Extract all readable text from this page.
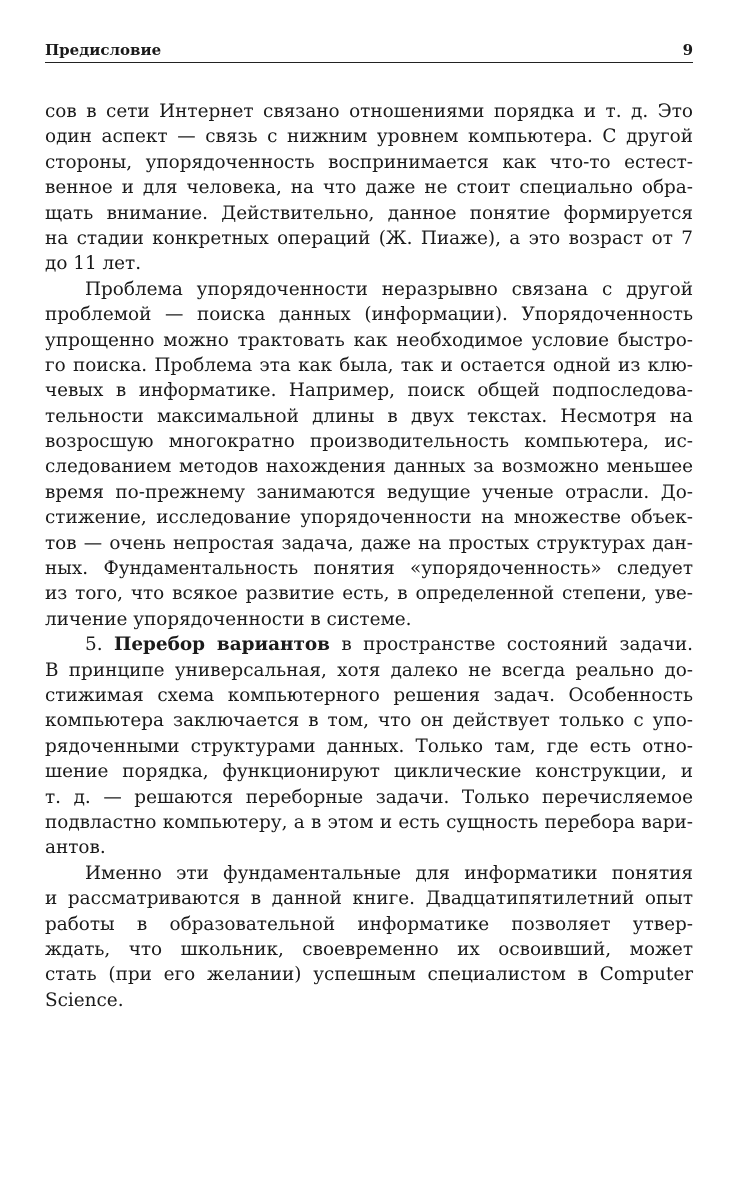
Предисловие	9
сов в сети Интернет связано отношениями порядка и т. д. Это
один аспект — связь с нижним уровнем компьютера. С другой
стороны, упорядоченность воспринимается как что-то естест-
венное и для человека, на что даже не стоит специально обра-
щать внимание. Действительно, данное понятие формируется
на стадии конкретных операций (Ж. Пиаже), а это возраст от 7
до 11 лет.
Проблема упорядоченности неразрывно связана с другой
проблемой — поиска данных (информации). Упорядоченность
упрощенно можно трактовать как необходимое условие быстро-
го поиска. Проблема эта как была, так и остается одной из клю-
чевых в информатике. Например, поиск общей подпоследова-
тельности максимальной длины в двух текстах. Несмотря на
возросшую многократно производительность компьютера, ис-
следованием методов нахождения данных за возможно меньшее
время по-прежнему занимаются ведущие ученые отрасли. До-
стижение, исследование упорядоченности на множестве объек-
тов — очень непростая задача, даже на простых структурах дан-
ных. Фундаментальность понятия «упорядоченность» следует
из того, что всякое развитие есть, в определенной степени, уве-
личение упорядоченности в системе.
5. Перебор вариантов в пространстве состояний задачи.
В принципе универсальная, хотя далеко не всегда реально до-
стижимая схема компьютерного решения задач. Особенность
компьютера заключается в том, что он действует только с упо-
рядоченными структурами данных. Только там, где есть отно-
шение порядка, функционируют циклические конструкции, и
т. д. — решаются переборные задачи. Только перечисляемое
подвластно компьютеру, а в этом и есть сущность перебора вари-
антов.
Именно эти фундаментальные для информатики понятия
и рассматриваются в данной книге. Двадцатипятилетний опыт
работы в образовательной информатике позволяет утвер-
ждать, что школьник, своевременно их освоивший, может
стать (при его желании) успешным специалистом в Computer
Science.
